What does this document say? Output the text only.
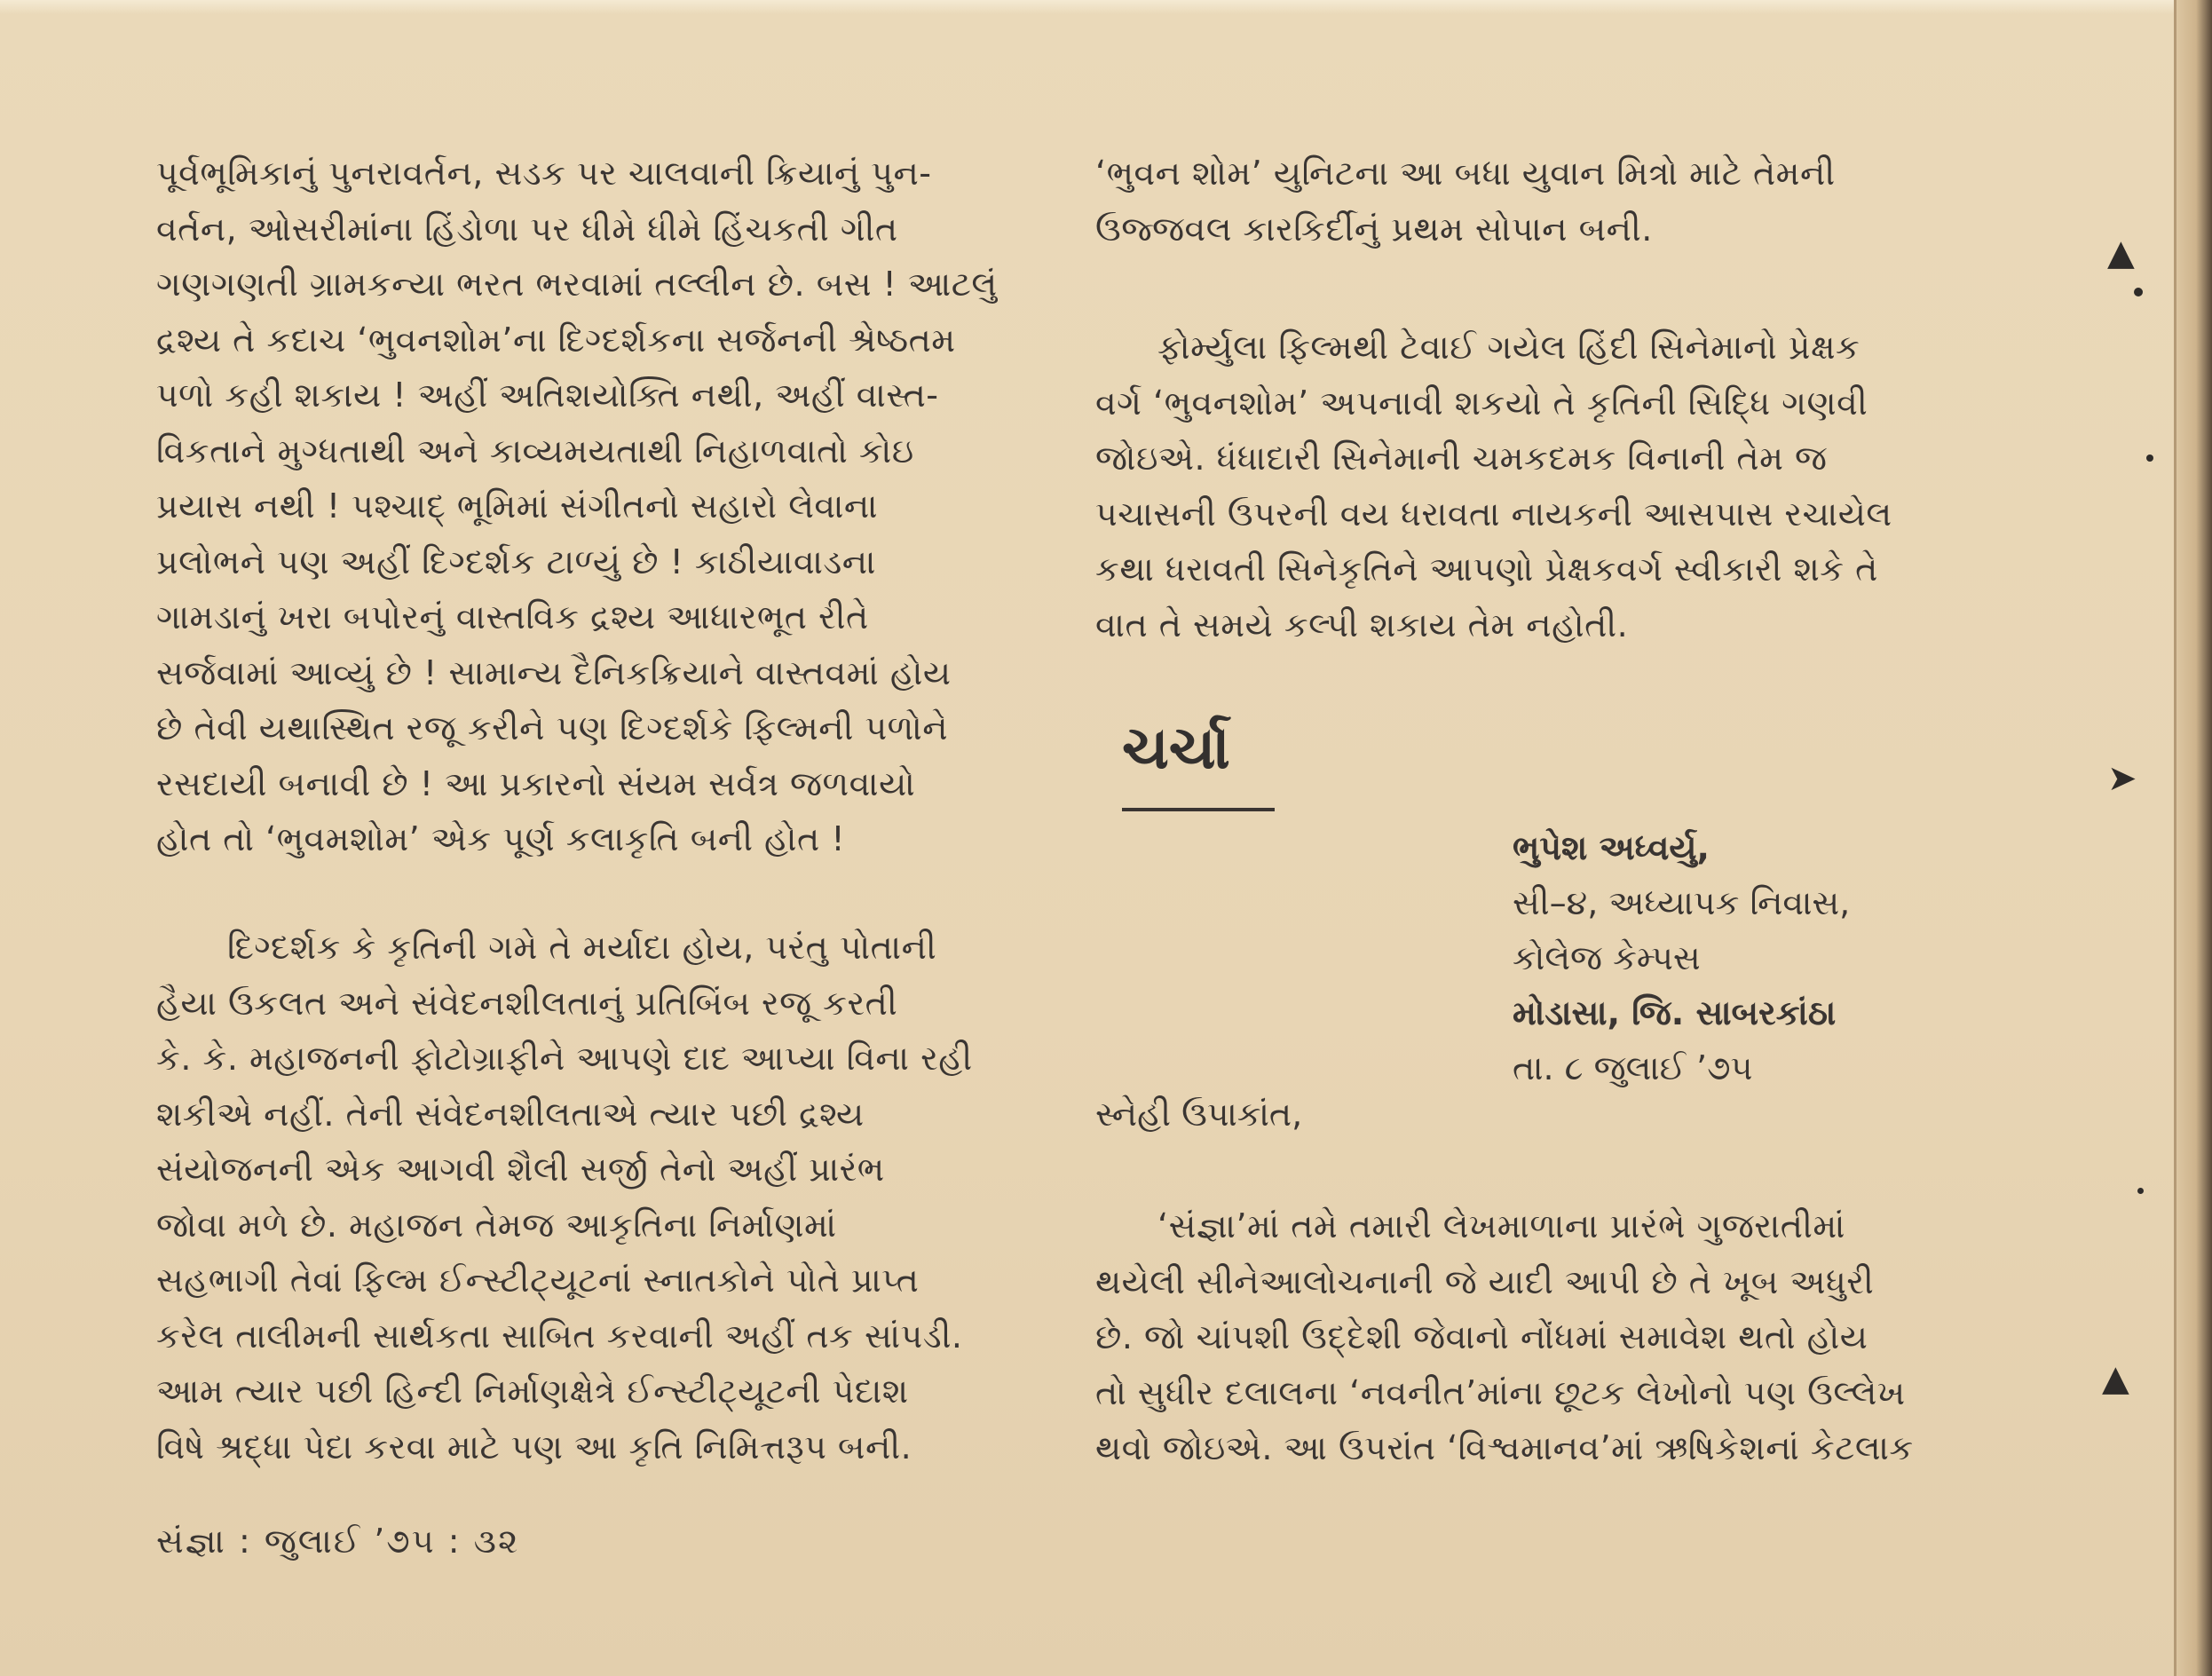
પૂર્વભૂમિકાનું પુનરાવર્તન, સડક પર ચાલવાની ક્રિયાનું પુન-
વર્તન, ઓસરીમાંના હિંડોળા પર ધીમે ધીમે હિંચકતી ગીત
ગણગણતી ગ્રામકન્યા ભરત ભરવામાં તલ્લીન છે. બસ ! આટલું
દ્રશ્ય તે કદાચ ‘ભુવનશોમ’ના દિગ્દર્શકના સર્જનની શ્રેષ્ઠતમ
પળો કહી શકાય ! અહીં અતિશયોક્તિ નથી, અહીં વાસ્ત-
વિકતાને મુગ્ધતાથી અને કાવ્યમયતાથી નિહાળવાતો કોઇ
પ્રયાસ નથી ! પશ્ચાદ્ ભૂમિમાં સંગીતનો સહારો લેવાના
પ્રલોભને પણ અહીં દિગ્દર્શક ટાળ્યું છે ! કાઠીયાવાડના
ગામડાનું ખરા બપોરનું વાસ્તવિક દ્રશ્ય આધારભૂત રીતે
સર્જવામાં આવ્યું છે ! સામાન્ય દૈનિકક્રિયાને વાસ્તવમાં હોય
છે તેવી યથાસ્થિત રજૂ કરીને પણ દિગ્દર્શકે ફિલ્મની પળોને
રસદાયી બનાવી છે ! આ પ્રકારનો સંયમ સર્વત્ર જળવાયો
હોત તો ‘ભુવમશોમ’ એક પૂર્ણ કલાકૃતિ બની હોત !
દિગ્દર્શક કે કૃતિની ગમે તે મર્યાદા હોય, પરંતુ પોતાની
હૈયા ઉકલત અને સંવેદનશીલતાનું પ્રતિબિંબ રજૂ કરતી
કે. કે. મહાજનની ફોટોગ્રાફીને આપણે દાદ આપ્યા વિના રહી
શકીએ નહીં. તેની સંવેદનશીલતાએ ત્યાર પછી દ્રશ્ય
સંયોજનની એક આગવી શૈલી સર્જી તેનો અહીં પ્રારંભ
જોવા મળે છે. મહાજન તેમજ આકૃતિના નિર્માણમાં
સહભાગી તેવાં ફિલ્મ ઈન્સ્ટીટ્યૂટનાં સ્નાતકોને પોતે પ્રાપ્ત
કરેલ તાલીમની સાર્થકતા સાબિત કરવાની અહીં તક સાંપડી.
આમ ત્યાર પછી હિન્દી નિર્માણક્ષેત્રે ઈન્સ્ટીટ્યૂટની પેદાશ
વિષે શ્રદ્ધા પેદા કરવા માટે પણ આ કૃતિ નિમિત્તરૂપ બની.
‘ભુવન શોમ’ યુનિટના આ બધા યુવાન મિત્રો માટે તેમની
ઉજ્જવલ કારકિર્દીનું પ્રથમ સોપાન બની.
ફોર્મ્યુલા ફિલ્મથી ટેવાઈ ગયેલ હિંદી સિનેમાનો પ્રેક્ષક
વર્ગ ‘ભુવનશોમ’ અપનાવી શકયો તે કૃતિની સિદ્ધિ ગણવી
જોઇએ. ધંધાદારી સિનેમાની ચમકદમક વિનાની તેમ જ
પચાસની ઉપરની વય ધરાવતા નાયકની આસપાસ રચાયેલ
કથા ધરાવતી સિનેકૃતિને આપણો પ્રેક્ષકવર્ગ સ્વીકારી શકે તે
વાત તે સમયે કલ્પી શકાય તેમ નહોતી.
ચર્ચા
ભુપેશ અધ્વર્યુ,
સી–૪, અધ્યાપક નિવાસ,
કોલેજ કેમ્પસ
મોડાસા, જિ. સાબરકાંઠા
તા. ૮ જુલાઈ ’૭૫
સ્નેહી ઉપાકાંત,
‘સંજ્ઞા’માં તમે તમારી લેખમાળાના પ્રારંભે ગુજરાતીમાં
થયેલી સીનેઆલોચનાની જે યાદી આપી છે તે ખૂબ અધુરી
છે. જો ચાંપશી ઉદ્દેશી જેવાનો નોંધમાં સમાવેશ થતો હોય
તો સુધીર દલાલના ‘નવનીત’માંના છૂટક લેખોનો પણ ઉલ્લેખ
થવો જોઇએ. આ ઉપરાંત ‘વિશ્વમાનવ’માં ઋષિકેશનાં કેટલાક
સંજ્ઞા : જુલાઈ ’૭૫ : ૩૨
▲
➤
▲
